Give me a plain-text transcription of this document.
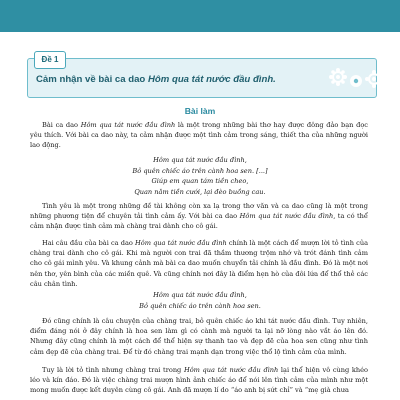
Đề 1
Cảm nhận về bài ca dao Hôm qua tát nước đầu đình.
Bài làm
Bài ca dao Hôm qua tát nước đầu đình là một trong những bài thơ hay được đông đảo bạn đọc yêu thích. Với bài ca dao này, ta cảm nhận được một tình cảm trong sáng, thiết tha của những người lao động.
Hôm qua tát nước đầu đình,
Bỏ quên chiếc áo trên cành hoa sen. [...]
Giúp em quan tám tiền cheo,
Quan năm tiền cưới, lại đèo buồng cau.
Tình yêu là một trong những đề tài không còn xa lạ trong thơ văn và ca dao cũng là một trong những phương tiện để chuyên tải tình cảm ấy. Với bài ca dao Hôm qua tát nước đầu đình, ta có thể cảm nhận được tình cảm mà chàng trai dành cho cô gái.
Hai câu đầu của bài ca dao Hôm qua tát nước đầu đình chính là một cách để mượn lời tỏ tình của chàng trai dành cho cô gái. Khi mà người con trai đã thầm thương trộm nhớ và trót đánh tình cảm cho cô gái mình yêu. Và khung cảnh mà bài ca dao muốn chuyển tải chính là đầu đình. Đó là một nơi nên thơ, yên bình của các miền quê. Và cũng chính nơi đây là điểm hẹn hò của đôi lứa để thổ thẻ các câu chân tình.
Hôm qua tát nước đầu đình,
Bỏ quên chiếc áo trên cành hoa sen.
Đó cũng chính là câu chuyện của chàng trai, bỏ quên chiếc áo khi tát nước đầu đình. Tuy nhiên, điểm đáng nói ở đây chính là hoa sen làm gì có cành mà người ta lại nỡ lòng nào vắt áo lên đó. Nhưng đây cũng chính là một cách để thể hiện sự thanh tao và đẹp đẽ của hoa sen cũng như tình cảm đẹp đẽ của chàng trai. Để từ đó chàng trai mạnh dạn trong việc thổ lộ tình cảm của mình.
Tuy là lời tỏ tình nhưng chàng trai trong Hôm qua tát nước đầu đình lại thể hiện vô cùng khéo léo và kín đáo. Đó là việc chàng trai mượn hình ảnh chiếc áo để nói lên tình cảm của mình như một mong muốn được kết duyên cùng cô gái. Anh đã mượn lí do “áo anh bị sứt chỉ” và “mẹ già chưa
